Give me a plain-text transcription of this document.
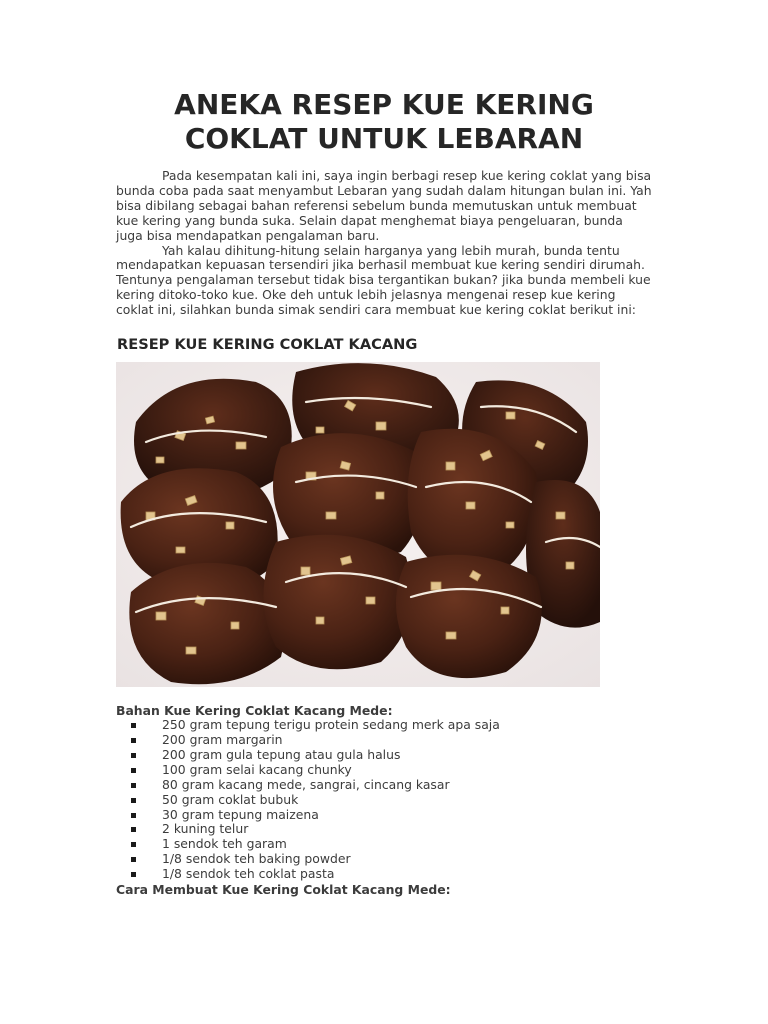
ANEKA RESEP KUE KERING
COKLAT UNTUK LEBARAN

Pada kesempatan kali ini, saya ingin berbagi resep kue kering coklat yang bisa bunda coba pada saat menyambut Lebaran yang sudah dalam hitungan bulan ini. Yah bisa dibilang sebagai bahan referensi sebelum bunda memutuskan untuk membuat kue kering yang bunda suka. Selain dapat menghemat biaya pengeluaran, bunda juga bisa mendapatkan pengalaman baru.

Yah kalau dihitung-hitung selain harganya yang lebih murah, bunda tentu mendapatkan kepuasan tersendiri jika berhasil membuat kue kering sendiri dirumah. Tentunya pengalaman tersebut tidak bisa tergantikan bukan? jika bunda membeli kue kering ditoko-toko kue. Oke deh untuk lebih jelasnya mengenai resep kue kering coklat ini, silahkan bunda simak sendiri cara membuat kue kering coklat berikut ini:

RESEP KUE KERING COKLAT KACANG
Bahan Kue Kering Coklat Kacang Mede:
250 gram tepung terigu protein sedang merk apa saja
200 gram margarin
200 gram gula tepung atau gula halus
100 gram selai kacang chunky
80 gram kacang mede, sangrai, cincang kasar
50 gram coklat bubuk
30 gram tepung maizena
2 kuning telur
1 sendok teh garam
1/8 sendok teh baking powder
1/8 sendok teh coklat pasta
Cara Membuat Kue Kering Coklat Kacang Mede:
